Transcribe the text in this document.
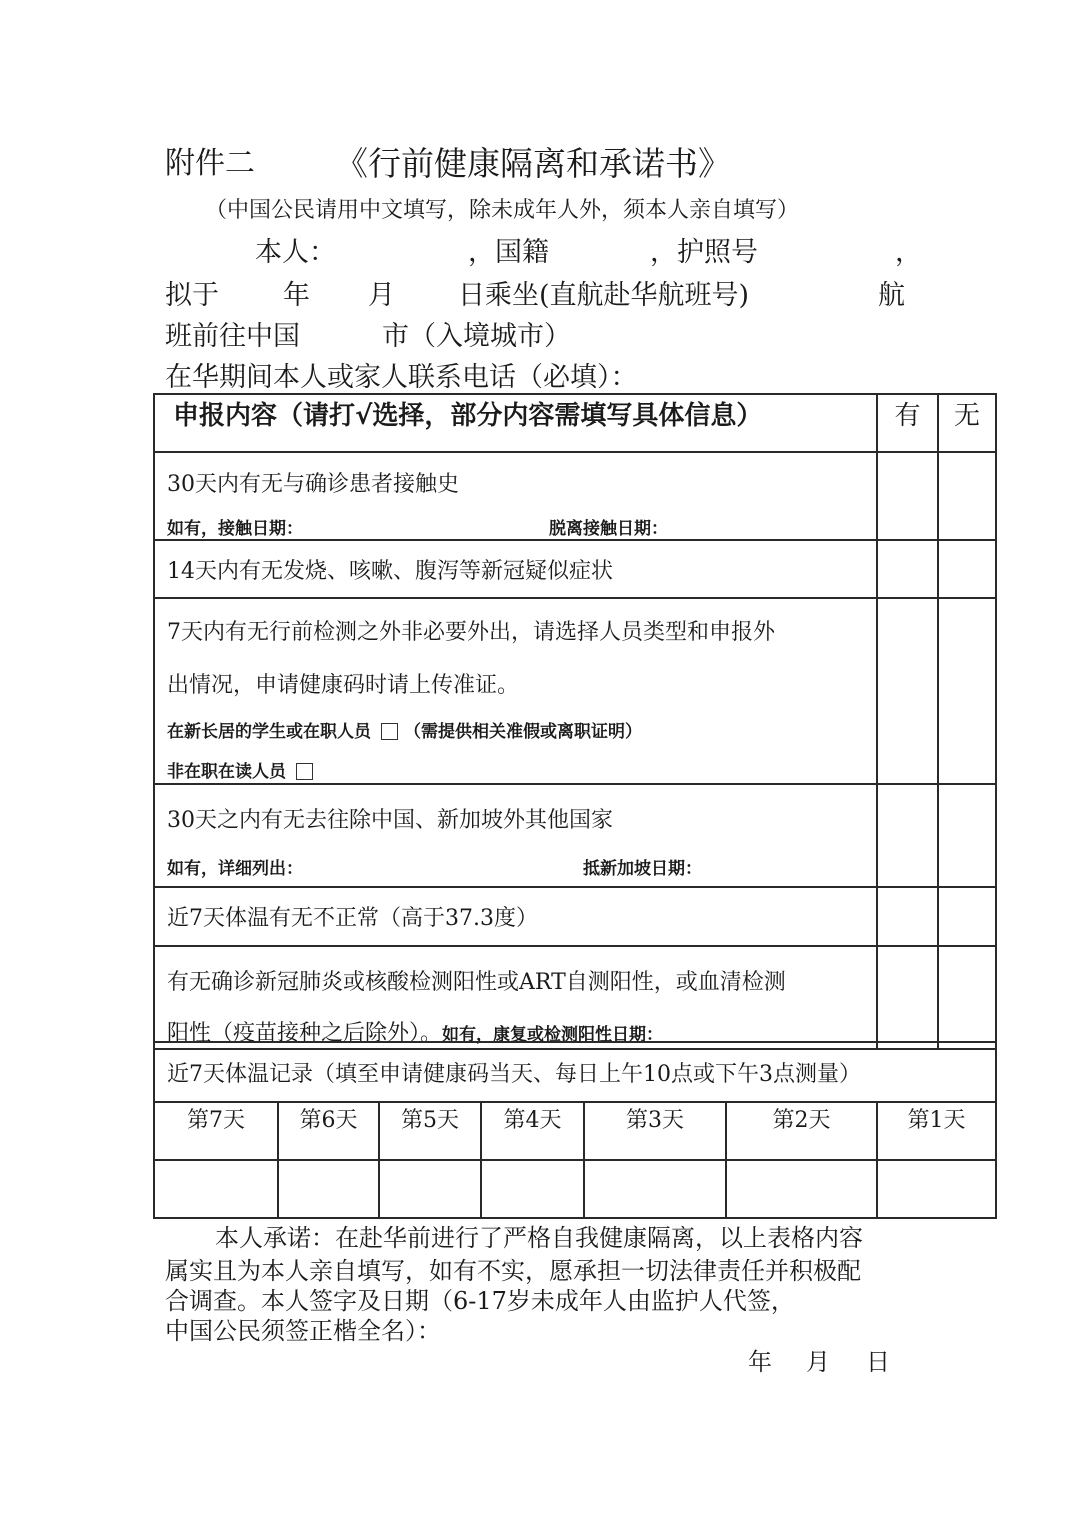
附件二 《行前健康隔离和承诺书》
（中国公民请用中文填写，除未成年人外，须本人亲自填写）
本人：	，国籍	，护照号	，
拟于 年 月 日乘坐(直航赴华航班号)	航
班前往中国	市（入境城市）
在华期间本人或家人联系电话（必填）：
申报内容（请打√选择，部分内容需填写具体信息）	有	无

30天内有无与确诊患者接触史
如有，接触日期： 脱离接触日期：		

14天内有无发烧、咳嗽、腹泻等新冠疑似症状		

7天内有无行前检测之外非必要外出，请选择人员类型和申报外
出情况，申请健康码时请上传准证。
在新长居的学生或在职人员 （需提供相关准假或离职证明）
非在职在读人员		

30天之内有无去往除中国、新加坡外其他国家
如有，详细列出： 抵新加坡日期：		

近7天体温有无不正常（高于37.3度）		

有无确诊新冠肺炎或核酸检测阳性或ART自测阳性，或血清检测
阳性（疫苗接种之后除外）。如有，康复或检测阳性日期：		

近7天体温记录（填至申请健康码当天、每日上午10点或下午3点测量）						

第7天	第6天	第5天	第4天	第3天	第2天	第1天

本人承诺：在赴华前进行了严格自我健康隔离，以上表格内容
属实且为本人亲自填写，如有不实，愿承担一切法律责任并积极配
合调查。本人签字及日期（6-17岁未成年人由监护人代签，
中国公民须签正楷全名）：
年 月 日
